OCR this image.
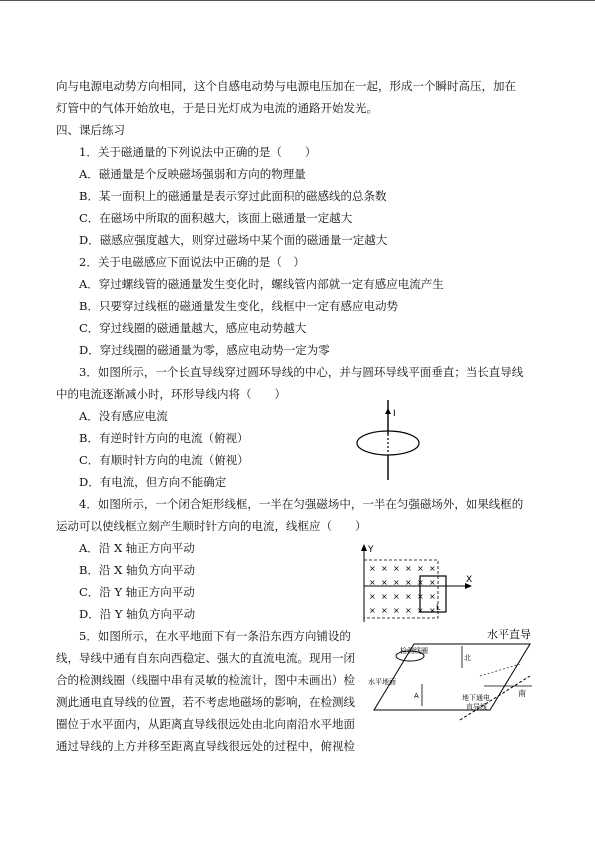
向与电源电动势方向相同，这个自感电动势与电源电压加在一起，形成一个瞬时高压，加在
灯管中的气体开始放电，于是日光灯成为电流的通路开始发光。
四、课后练习
1．关于磁通量的下列说法中正确的是（　　）
A．磁通量是个反映磁场强弱和方向的物理量
B．某一面积上的磁通量是表示穿过此面积的磁感线的总条数
C．在磁场中所取的面积越大，该面上磁通量一定越大
D．磁感应强度越大，则穿过磁场中某个面的磁通量一定越大
2．关于电磁感应下面说法中正确的是（　）
A．穿过螺线管的磁通量发生变化时，螺线管内部就一定有感应电流产生
B．只要穿过线框的磁通量发生变化，线框中一定有感应电动势
C．穿过线圈的磁通量越大，感应电动势越大
D．穿过线圈的磁通量为零，感应电动势一定为零
3．如图所示，一个长直导线穿过圆环导线的中心，并与圆环导线平面垂直；当长直导线
中的电流逐渐减小时，环形导线内将（　　）
A．没有感应电流
B．有逆时针方向的电流（俯视）
C．有顺时针方向的电流（俯视）
D．有电流，但方向不能确定
4．如图所示，一个闭合矩形线框，一半在匀强磁场中，一半在匀强磁场外，如果线框的
运动可以使线框立刻产生顺时针方向的电流，线框应（　　）
A．沿 X 轴正方向平动
B．沿 X 轴负方向平动
C．沿 Y 轴正方向平动
D．沿 Y 轴负方向平动
5．如图所示，在水平地面下有一条沿东西方向铺设的
线，导线中通有自东向西稳定、强大的直流电流。现用一闭
合的检测线圈（线圈中串有灵敏的检流计，图中未画出）检
测此通电直导线的位置，若不考虑地磁场的影响，在检测线
圈位于水平面内，从距离直导线很远处由北向南沿水平地面
通过导线的上方并移至距离直导线很远处的过程中，俯视检
I
Y
X
× × × × × ×
× × × × × ×
× × × × × ×
× × × × × × L
水平直导
检测线圈
水平地面
北
A	南
地下通电
直导线
